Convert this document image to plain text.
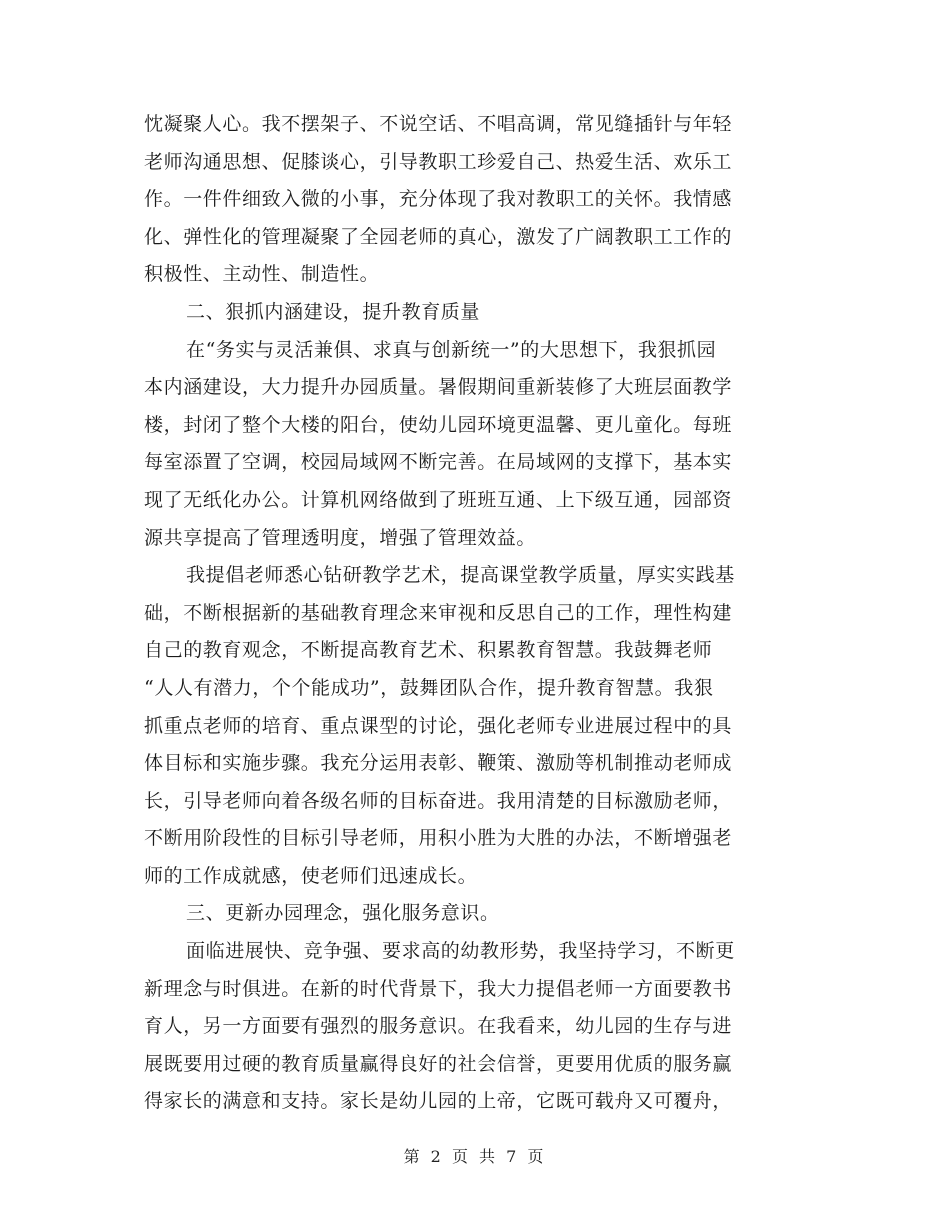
忱凝聚人心。我不摆架子、不说空话、不唱高调，常见缝插针与年轻
老师沟通思想、促膝谈心，引导教职工珍爱自己、热爱生活、欢乐工
作。一件件细致入微的小事，充分体现了我对教职工的关怀。我情感
化、弹性化的管理凝聚了全园老师的真心，激发了广阔教职工工作的
积极性、主动性、制造性。
二、狠抓内涵建设，提升教育质量
在“务实与灵活兼俱、求真与创新统一”的大思想下，我狠抓园
本内涵建设，大力提升办园质量。暑假期间重新装修了大班层面教学
楼，封闭了整个大楼的阳台，使幼儿园环境更温馨、更儿童化。每班
每室添置了空调，校园局域网不断完善。在局域网的支撑下，基本实
现了无纸化办公。计算机网络做到了班班互通、上下级互通，园部资
源共享提高了管理透明度，增强了管理效益。
我提倡老师悉心钻研教学艺术，提高课堂教学质量，厚实实践基
础，不断根据新的基础教育理念来审视和反思自己的工作，理性构建
自己的教育观念，不断提高教育艺术、积累教育智慧。我鼓舞老师
“人人有潜力，个个能成功”，鼓舞团队合作，提升教育智慧。我狠
抓重点老师的培育、重点课型的讨论，强化老师专业进展过程中的具
体目标和实施步骤。我充分运用表彰、鞭策、激励等机制推动老师成
长，引导老师向着各级名师的目标奋进。我用清楚的目标激励老师，
不断用阶段性的目标引导老师，用积小胜为大胜的办法，不断增强老
师的工作成就感，使老师们迅速成长。
三、更新办园理念，强化服务意识。
面临进展快、竞争强、要求高的幼教形势，我坚持学习，不断更
新理念与时俱进。在新的时代背景下，我大力提倡老师一方面要教书
育人，另一方面要有强烈的服务意识。在我看来，幼儿园的生存与进
展既要用过硬的教育质量赢得良好的社会信誉，更要用优质的服务赢
得家长的满意和支持。家长是幼儿园的上帝，它既可载舟又可覆舟，
第 2 页 共 7 页
